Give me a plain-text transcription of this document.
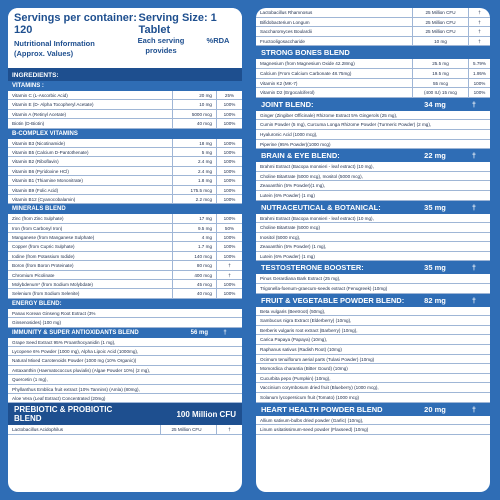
Servings per container: 120
Serving Size: 1 Tablet
Nutritional Information (Approx. Values)
Each serving provides
%RDA
INGREDIENTS:
VITAMINS :
Vitamin C (L-Ascorbic Acid)	20 mg	25%
Vitamin E (D- Alpha Tocopheryl Acetate)	10 mg	100%
Vitamin A (Retinyl Acetate)	5000 mcg	100%
Biotin (D-Biotin)	40 mcg	100%
B-COMPLEX VITAMINS
Vitamin B3 (Nicotinamide)	18 mg	100%
Vitamin B5 (Calcium D-Pantothenate)	5 mg	100%
Vitamin B2 (Riboflavin)	2.4 mg	100%
Vitamin B6 (Pyridoxine HCl)	2.4 mg	100%
Vitamin B1 (Thiamine Mononitrate)	1.8 mg	100%
Vitamin B9 (Folic Acid)	175.5 mcg	100%
Vitamin B12 (Cyanocobalamin)	2.2 mcg	100%
MINERALS BLEND
Zinc (from Zinc Sulphate)	17 mg	100%
Iron (from Carbonyl Iron)	9.5 mg	50%
Manganese (from Manganese Sulphate)	4 mg	100%
Copper (from Cupric Sulphate)	1.7 mg	100%
Iodine (from Potassium Iodide)	140 mcg	100%
Boron (from Boron Proteinate)	80 mcg	†
Chromium Picolinate	400 mcg	†
Molybdenum* (from Sodium Molybdate)	45 mcg	100%
Selenium (from Sodium Selenite)	40 mcg	100%
ENERGY BLEND:
Panax Korean Ginseng Root Extract (3%
Ginsenosides) (100 mg)
IMMUNITY & SUPER ANTIOXIDANTS BLEND	56 mg	†
Grape Seed Extract 95% Proanthocyanidin (1 mg),
Lycopene 6% Powder (1000 mg), Alpha Lipoic Acid (1000mg),
Natural Mixed Carotenoids Powder (1000 mg (10% Organic))
Astaxanthin (Haematococcus pluvialis) (Algae Powder 10%) (2 mg),
Quercetin (1 mg),
Phyllanthus Emblica fruit extract (10% Tannins) (Amla) (80mg),
Aloe Vera (Leaf Extract) Concentrated (20mg)
PREBIOTIC & PROBIOTIC BLEND	100 Million CFU
Lactobacillus Acidophilus	25 Million CFU	†
Lactobacillus Rhamnosus	25 Million CFU	†
Bifidobacterium Longum	25 Million CFU	†
Saccharomyces Boulardii	25 Million CFU	†
Fructooligosaccharide	10 mg	†
STRONG BONES BLEND
Magnesium (from Magnesium Oxide 42.28mg)	25.5 mg	5.79%
Calcium (From Calcium Carbonate 48.75mg)	19.5 mg	1.95%
Vitamin K2 (MK-7)	55 mcg	100%
Vitamin D2 (Ergocalciferol)	(400 IU) 15 mcg	100%
JOINT BLEND:	34 mg	†
Ginger (Zingiber Officinale) Rhizome Extract 5% Gingerols (25 mg),
Cumin Powder (5 mg), Curcuma Longa Rhizome Powder (Turmeric Powder) (2 mg),
Hyaluronic Acid (1000 mcg),
Piperine (95% Powder)(1000 mcg)
BRAIN & EYE BLEND:	22 mg	†
Brahmi Extract (Bacopa monnieri - leaf extract) (10 mg),
Choline Bitartrate (5000 mcg), Inositol (5000 mcg),
Zeaxanthin (5% Powder)(1 mg),
Lutein (6% Powder) (1 mg)
NUTRACEUTICAL & BOTANICAL:	35 mg	†
Brahmi Extract (Bacopa monnieri - leaf extract) (10 mg),
Choline Bitartrate (5000 mcg)
Inositol (5000 mcg),
Zeaxanthin (5% Powder) (1 mg),
Lutein (6% Powder) (1 mg)
TESTOSTERONE BOOSTER:	35 mg	†
Pinus Gerardiana Bark Extract (25 mg),
Trigonella-foenum-graecum-seeds extract (Fenugreek) (10mg)
FRUIT & VEGETABLE POWDER BLEND:	82 mg	†
Beta vulgaris (Beetroot) (50mg),
Sambucus nigra Extract (Elderberry) (10mg),
Berberis vulgaris root extract (Barberry) (10mg),
Carica Papaya (Papaya) (10mg),
Raphanus sativus (Radish Root) (10mg)
Ocimum tenuiflorum aerial parts (Tulasi Powder) (10mg)
Momordica charantia (Bitter Gourd) (10mg)
Cucurbita pepo (Pumpkin) (10mg),
Vaccinium corymbosum dried fruit (Blueberry) (1000 mcg),
Solanum lycopersicum fruit (Tomato) (1000 mcg)
HEART HEALTH POWDER BLEND	20 mg	†
Allium sativum-bulbs dried powder (Garlic) (10mg),
Linum usitatissimum-seed powder (Flaxseed) (10mg)
